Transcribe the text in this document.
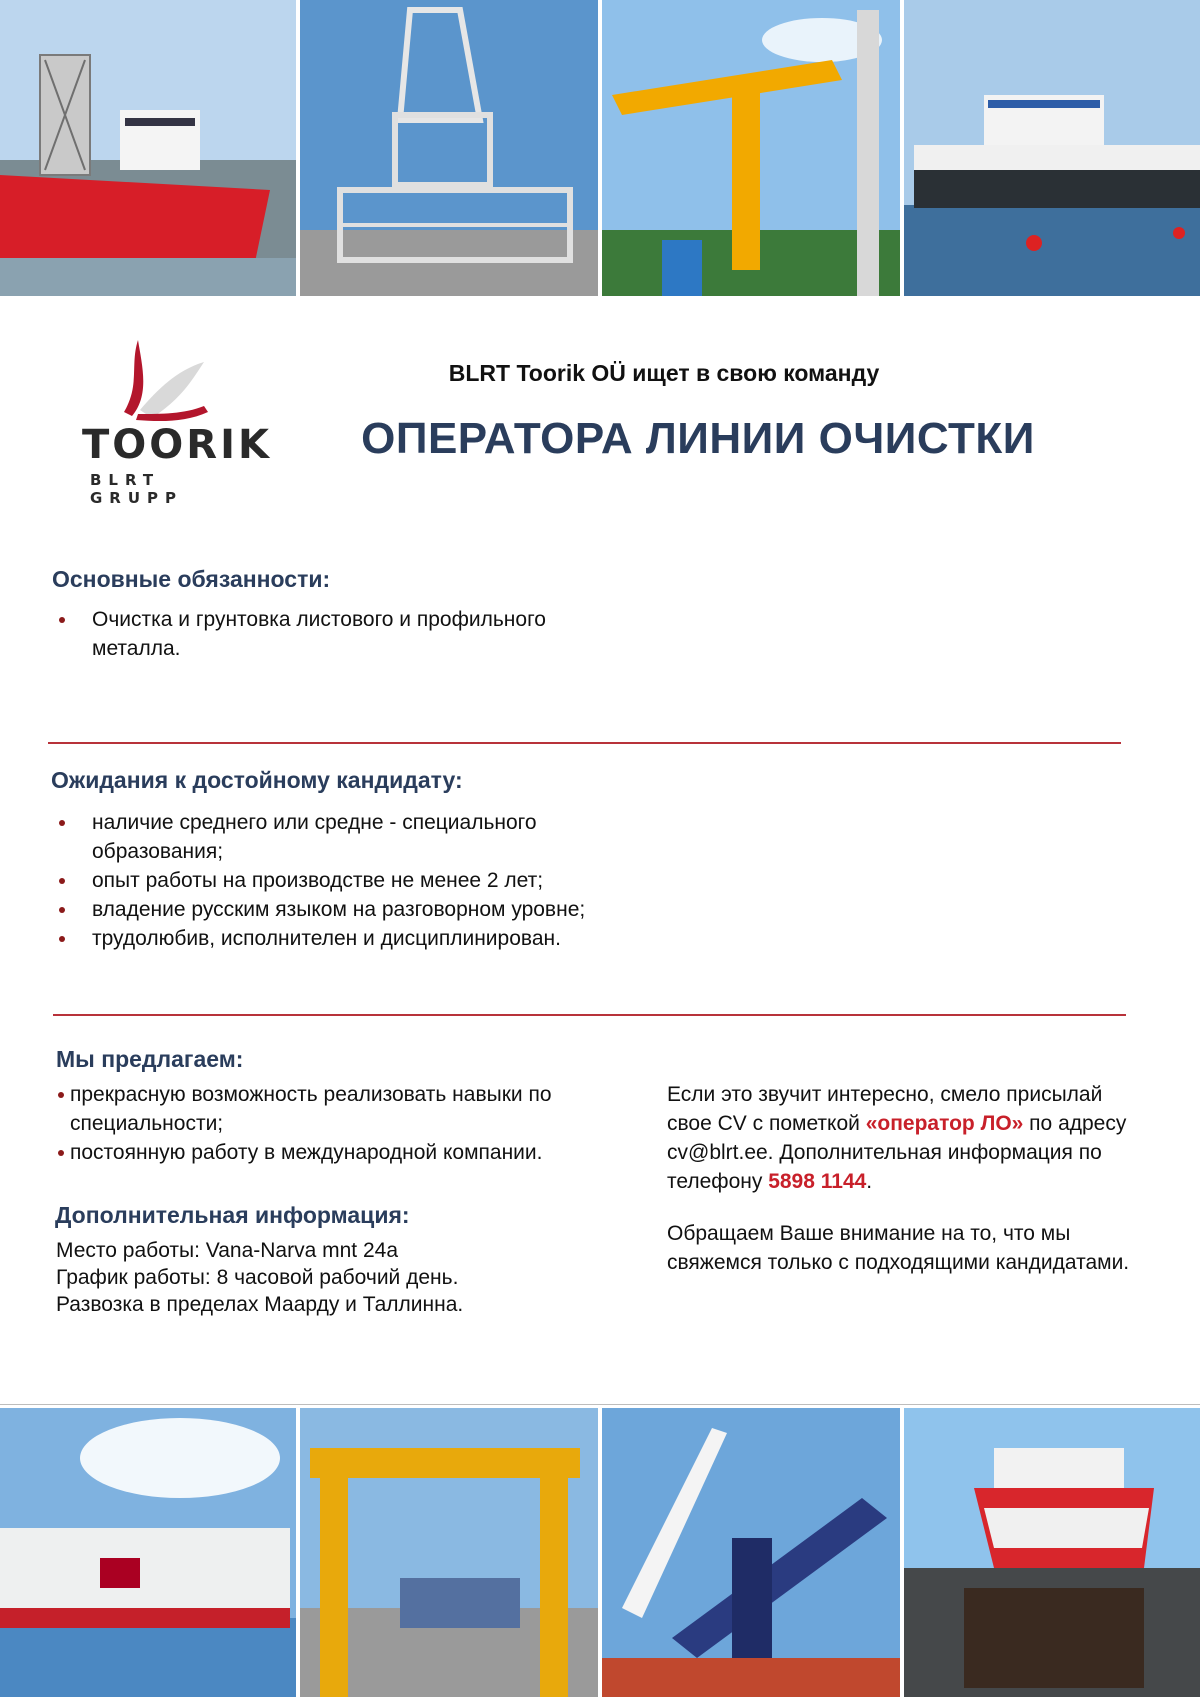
TOORIK
BLRT GRUPP
BLRT Toorik OÜ ищет в свою команду
ОПЕРАТОРА ЛИНИИ ОЧИСТКИ
Основные обязанности:
Очистка и грунтовка листового и профильного металла.
Ожидания к достойному кандидату:
наличие среднего или средне - специального образования;
опыт работы на производстве не менее 2 лет;
владение русским языком на разговорном уровне;
трудолюбив, исполнителен и дисциплинирован.
Мы предлагаем:
прекрасную возможность реализовать навыки по специальности;
постоянную работу в международной компании.
Дополнительная информация:
Место работы: Vana-Narva mnt 24a
График работы: 8 часовой рабочий день.
Развозка в пределах Маарду и Таллинна.

Если это звучит интересно, смело присылай свое CV с пометкой «оператор ЛО» по адресу cv@blrt.ee. Дополнительная информация по телефону 5898 1144.

Обращаем Ваше внимание на то, что мы свяжемся только с подходящими кандидатами.
